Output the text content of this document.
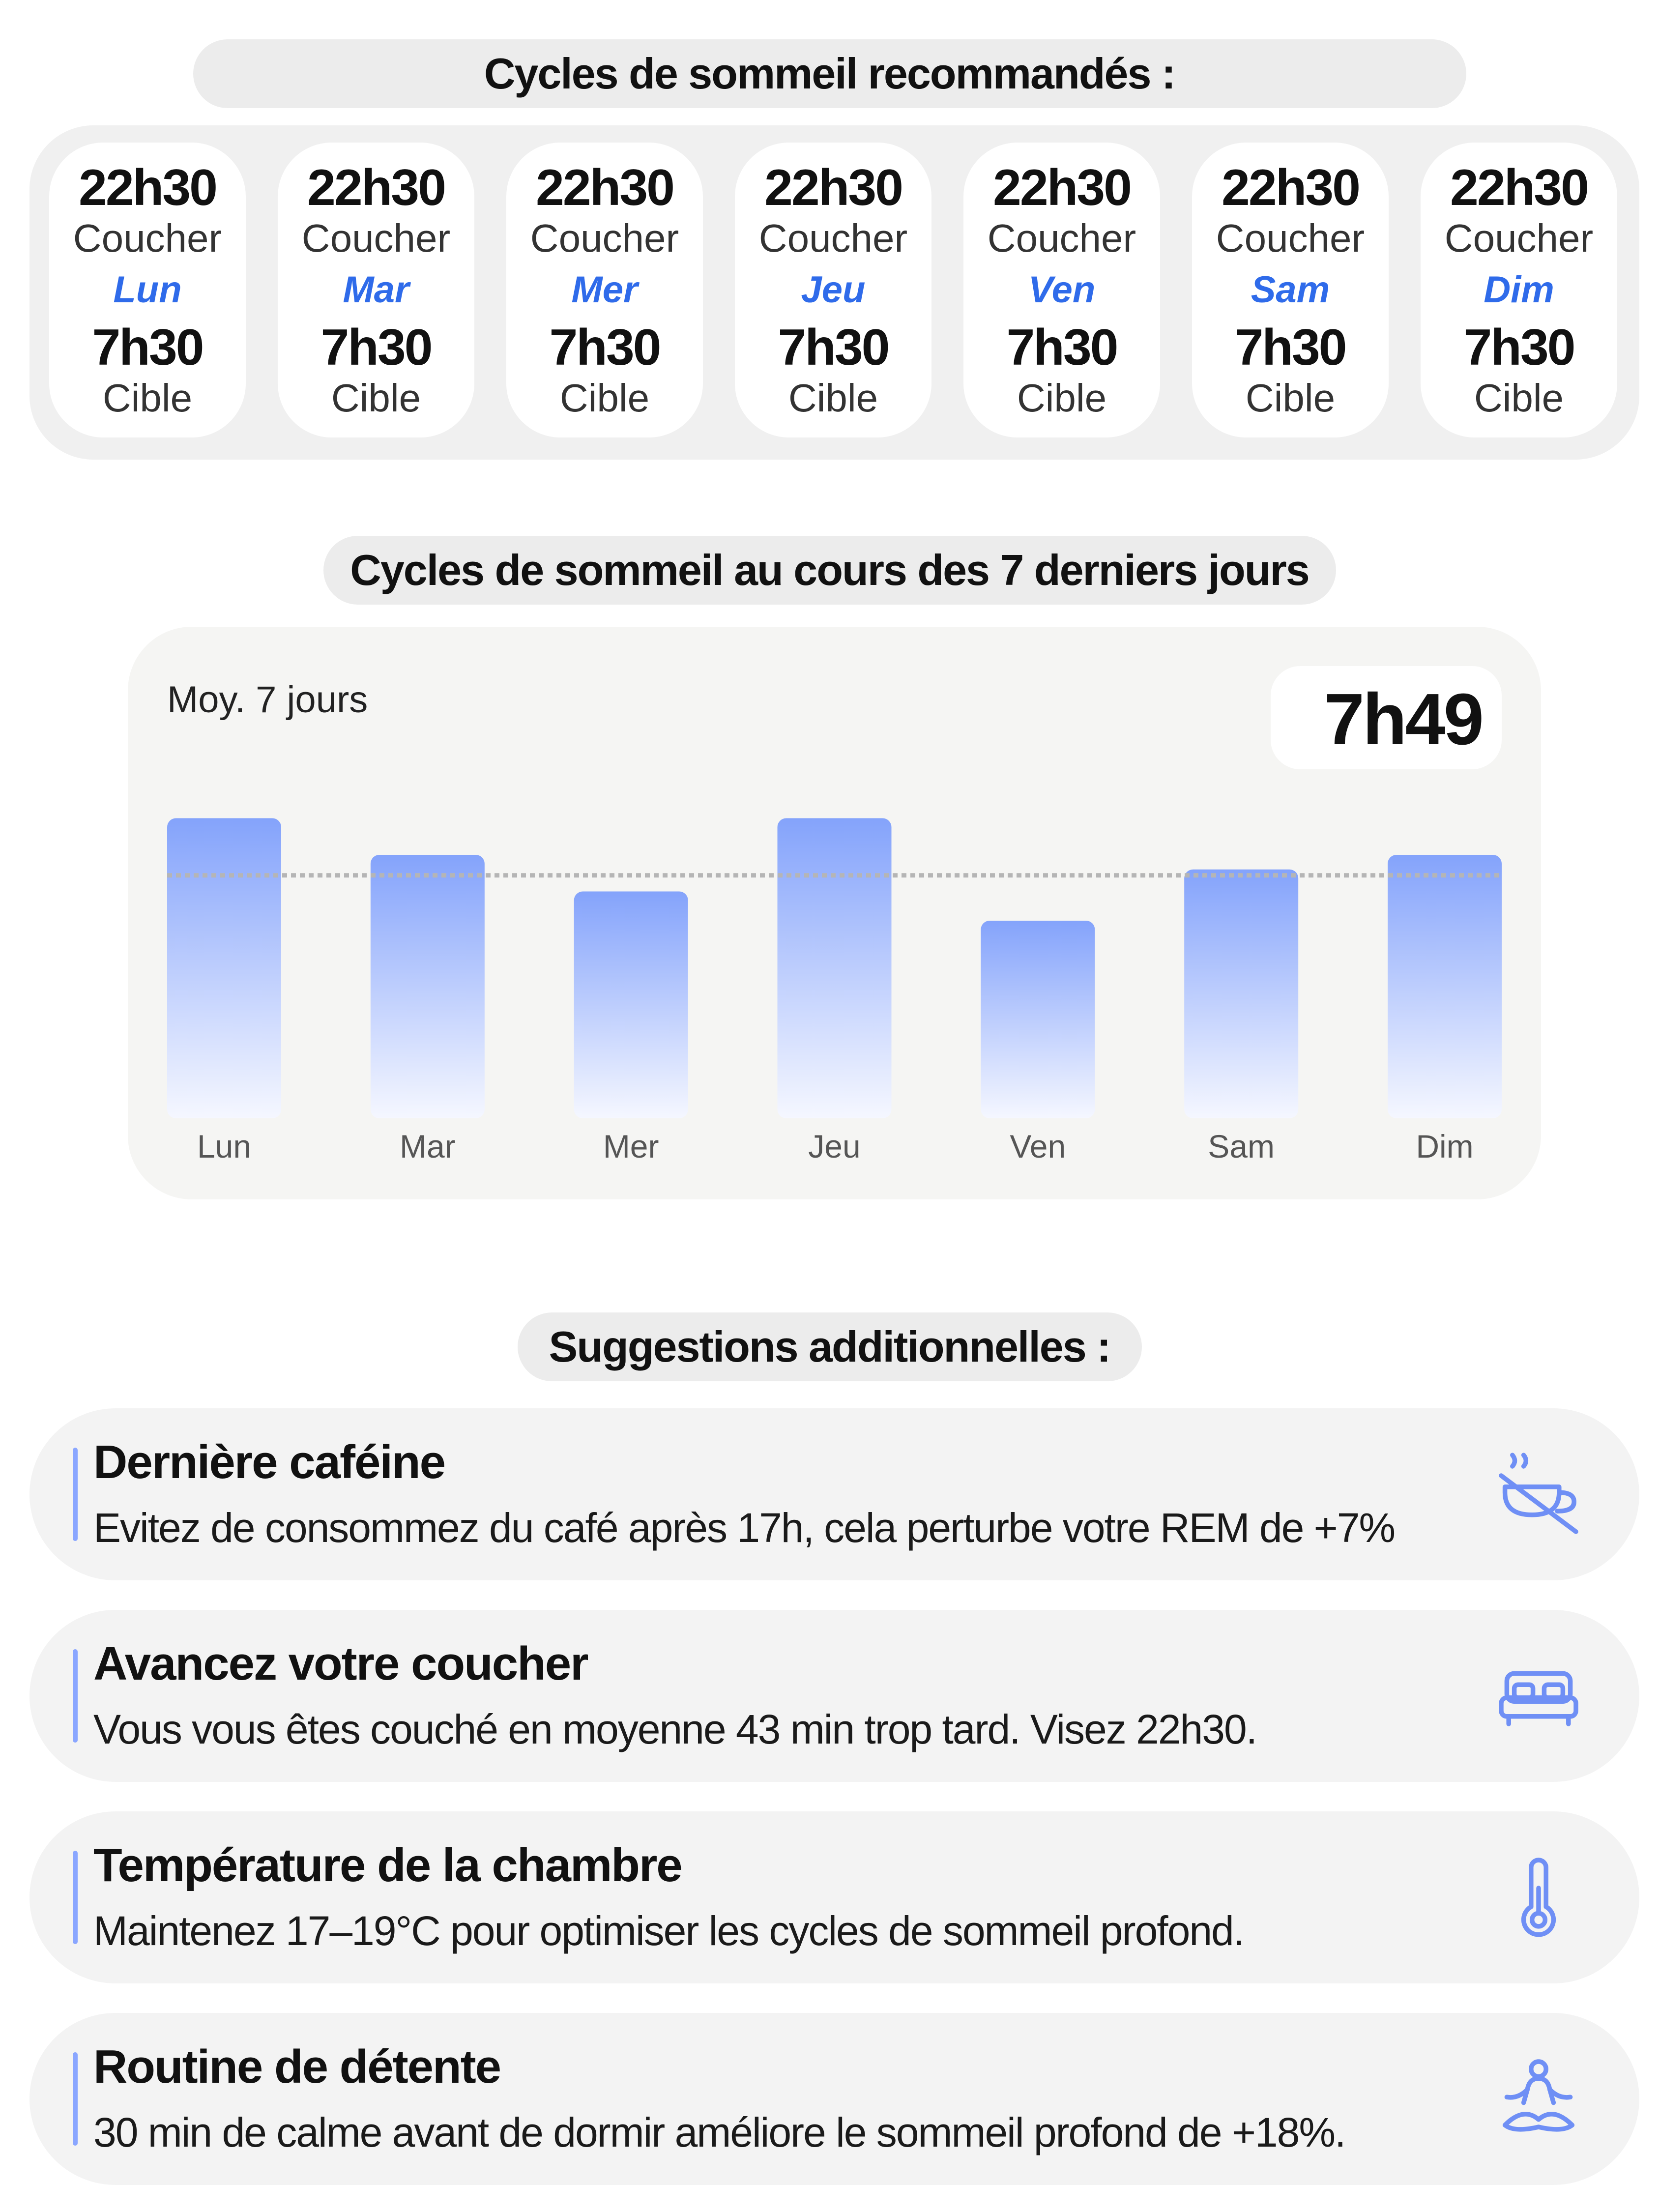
Cycles de sommeil recommandés :
22h30
Coucher
Lun
7h30
Cible
22h30
Coucher
Mar
7h30
Cible
22h30
Coucher
Mer
7h30
Cible
22h30
Coucher
Jeu
7h30
Cible
22h30
Coucher
Ven
7h30
Cible
22h30
Coucher
Sam
7h30
Cible
22h30
Coucher
Dim
7h30
Cible
Cycles de sommeil au cours des 7 derniers jours
Lun	Mar	Mer	Jeu	Ven	Sam	Dim
Moy. 7 jours	7h49
Suggestions additionnelles :
Dernière caféine
Evitez de consommez du café après 17h, cela perturbe votre REM de +7%
Avancez votre coucher
Vous vous êtes couché en moyenne 43 min trop tard. Visez 22h30.
Température de la chambre
Maintenez 17–19°C pour optimiser les cycles de sommeil profond.
Routine de détente
30 min de calme avant de dormir améliore le sommeil profond de +18%.
